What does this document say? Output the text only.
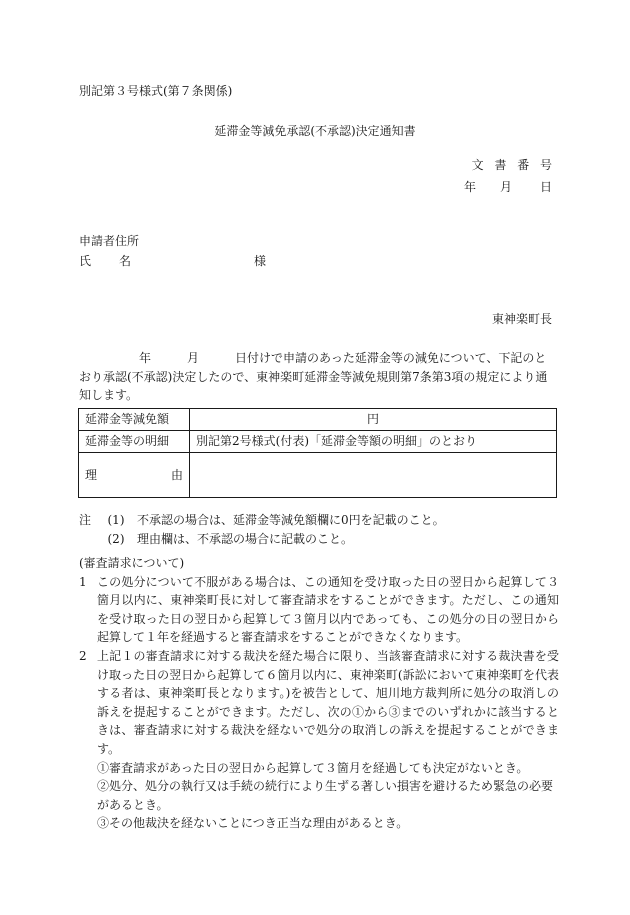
別記第３号様式(第７条関係)
延滞金等減免承認(不承認)決定通知書
文書番号
年 月 日
申請者住所
氏 名	様
東神楽町長
　　　　　年　　　月　　　日付けで申請のあった延滞金等の減免について、下記のとおり承認(不承認)決定したので、東神楽町延滞金等減免規則第7条第3項の規定により通知します。
延滞金等減免額	円
延滞金等の明細	別記第2号様式(付表)「延滞金等額の明細」のとおり

理 由	

注	(1)	不承認の場合は、延滞金等減免額欄に0円を記載のこと。
(2)	理由欄は、不承認の場合に記載のこと。
(審査請求について)
1 この処分について不服がある場合は、この通知を受け取った日の翌日から起算して３箇月以内に、東神楽町長に対して審査請求をすることができます。ただし、この通知を受け取った日の翌日から起算して３箇月以内であっても、この処分の日の翌日から起算して１年を経過すると審査請求をすることができなくなります。
2 上記１の審査請求に対する裁決を経た場合に限り、当該審査請求に対する裁決書を受け取った日の翌日から起算して６箇月以内に、東神楽町(訴訟において東神楽町を代表する者は、東神楽町長となります。)を被告として、旭川地方裁判所に処分の取消しの訴えを提起することができます。ただし、次の①から③までのいずれかに該当するときは、審査請求に対する裁決を経ないで処分の取消しの訴えを提起することができます。
①審査請求があった日の翌日から起算して３箇月を経過しても決定がないとき。
②処分、処分の執行又は手続の続行により生ずる著しい損害を避けるため緊急の必要があるとき。
③その他裁決を経ないことにつき正当な理由があるとき。
